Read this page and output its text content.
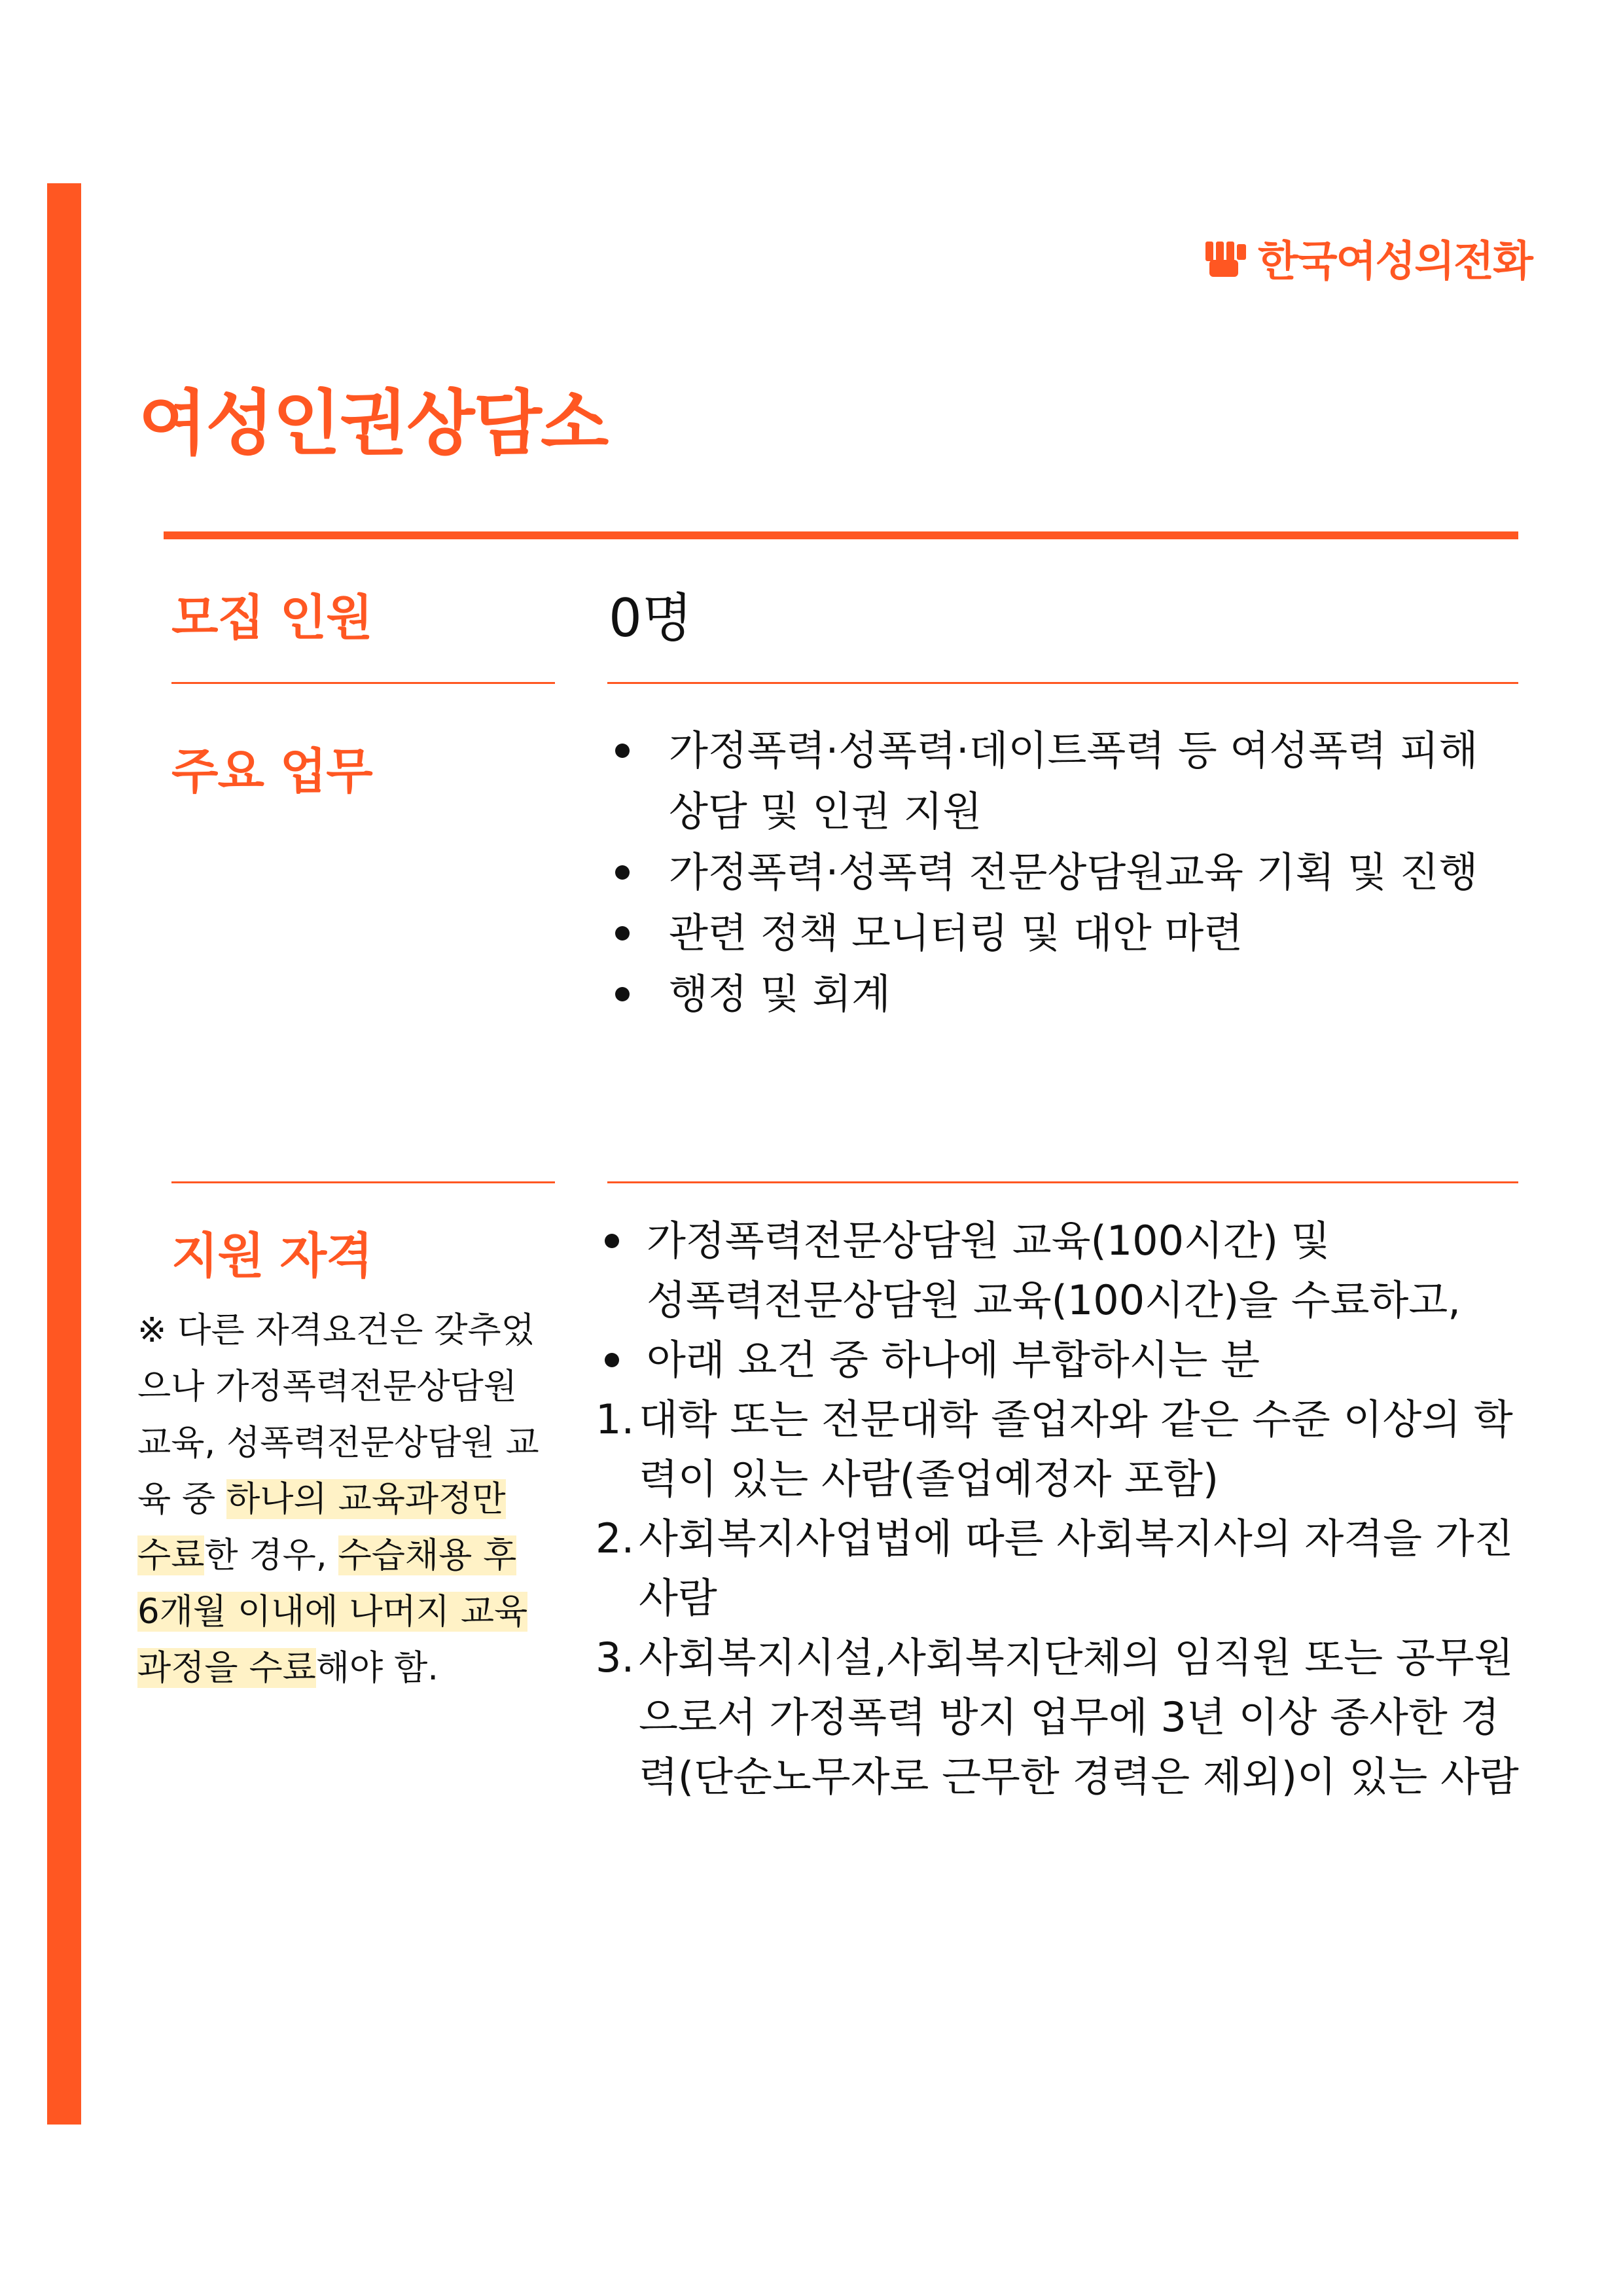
한국여성의전화
여성인권상담소
모집 인원	0명
주요 업무	가정폭력·성폭력·데이트폭력 등 여성폭력 피해 상담 및 인권 지원
가정폭력·성폭력 전문상담원교육 기획 및 진행
관련 정책 모니터링 및 대안 마련
행정 및 회계
지원 자격
※ 다른 자격요건은 갖추었으나 가정폭력전문상담원 교육, 성폭력전문상담원 교육 중 하나의 교육과정만 수료한 경우, 수습채용 후 6개월 이내에 나머지 교육과정을 수료해야 함.
가정폭력전문상담원 교육(100시간) 및
성폭력전문상담원 교육(100시간)을 수료하고,
아래 요건 중 하나에 부합하시는 분
1. 대학 또는 전문대학 졸업자와 같은 수준 이상의 학력이 있는 사람(졸업예정자 포함)
2. 사회복지사업법에 따른 사회복지사의 자격을 가진 사람
3. 사회복지시설,사회복지단체의 임직원 또는 공무원으로서 가정폭력 방지 업무에 3년 이상 종사한 경력(단순노무자로 근무한 경력은 제외)이 있는 사람
